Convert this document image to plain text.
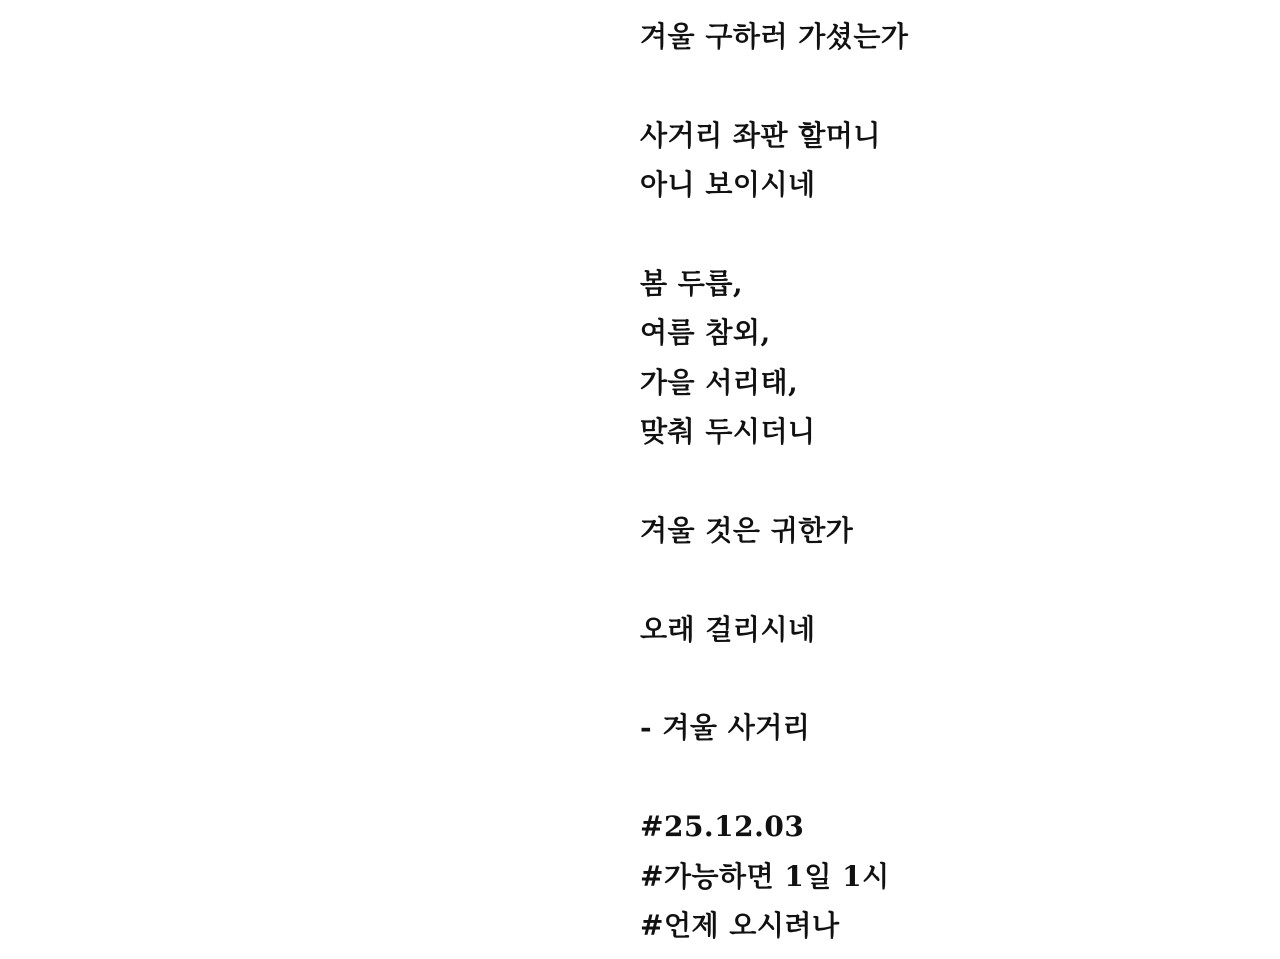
겨울 구하러 가셨는가
사거리 좌판 할머니
아니 보이시네
봄 두릅,
여름 참외,
가을 서리태,
맞춰 두시더니
겨울 것은 귀한가
오래 걸리시네
- 겨울 사거리
#25.12.03
#가능하면 1일 1시
#언제 오시려나
